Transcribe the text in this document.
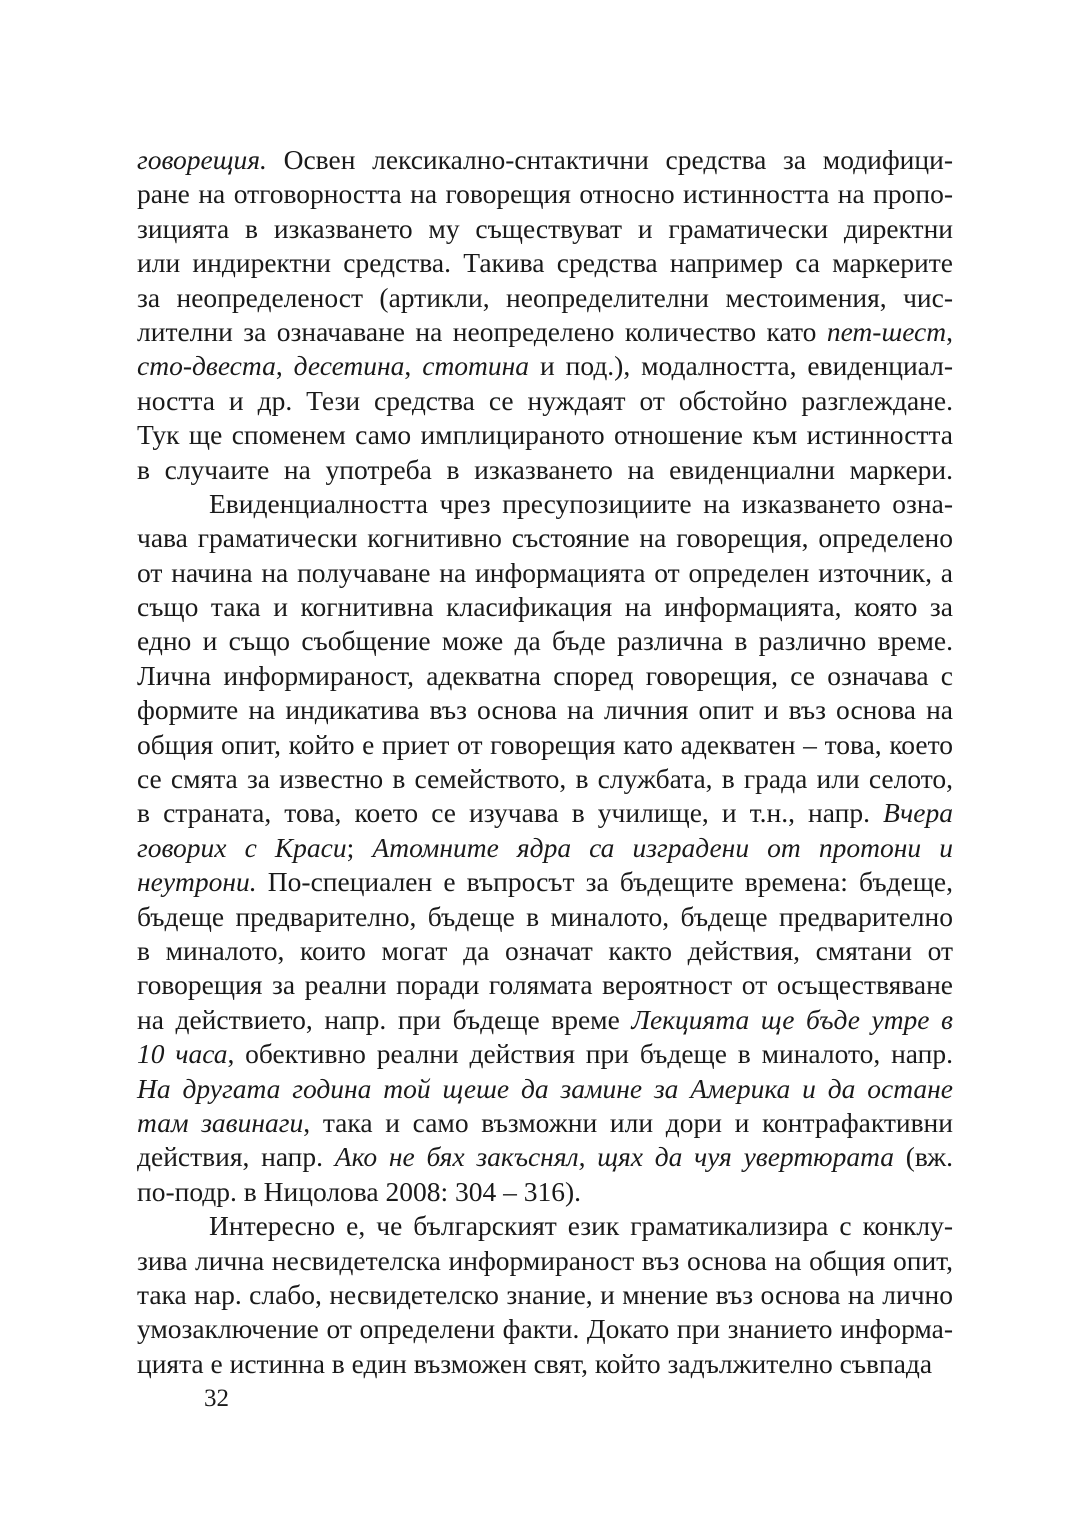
говорещия. Освен лексикално-снтактични средства за модифици-
ране на отговорността на говорещия относно истинността на пропо-
зицията в изказването му съществуват и граматически директни
или индиректни средства. Такива средства например са маркерите
за неопределеност (артикли, неопределителни местоимения, чис-
лителни за означаване на неопределено количество като пет-шест,
сто-двеста, десетина, стотина и под.), модалността, евиденциал-
ността и др. Тези средства се нуждаят от обстойно разглеждане.
Тук ще споменем само имплицираното отношение към истинността
в случаите на употреба в изказването на евиденциални маркери.
Евиденциалността чрез пресупозициите на изказването озна-
чава граматически когнитивно състояние на говорещия, определено
от начина на получаване на информацията от определен източник, а
също така и когнитивна класификация на информацията, която за
едно и също съобщение може да бъде различна в различно време.
Лична информираност, адекватна според говорещия, се означава с
формите на индикатива въз основа на личния опит и въз основа на
общия опит, който е приет от говорещия като адекватен – това, което
се смята за известно в семейството, в службата, в града или селото,
в страната, това, което се изучава в училище, и т.н., напр. Вчера
говорих с Краси; Атомните ядра са изградени от протони и
неутрони. По-специален е въпросът за бъдещите времена: бъдеще,
бъдеще предварително, бъдеще в миналото, бъдеще предварително
в миналото, които могат да означат както действия, смятани от
говорещия за реални поради голямата вероятност от осъществяване
на действието, напр. при бъдеще време Лекцията ще бъде утре в
10 часа, обективно реални действия при бъдеще в миналото, напр.
На другата година той щеше да замине за Америка и да остане
там завинаги, така и само възможни или дори и контрафактивни
действия, напр. Ако не бях закъснял, щях да чуя увертюрата (вж.
по-подр. в Ницолова 2008: 304 – 316).
Интересно е, че българският език граматикализира с конклу-
зива лична несвидетелска информираност въз основа на общия опит,
така нар. слабо, несвидетелско знание, и мнение въз основа на лично
умозаключение от определени факти. Докато при знанието информа-
цията е истинна в един възможен свят, който задължително съвпада
32
